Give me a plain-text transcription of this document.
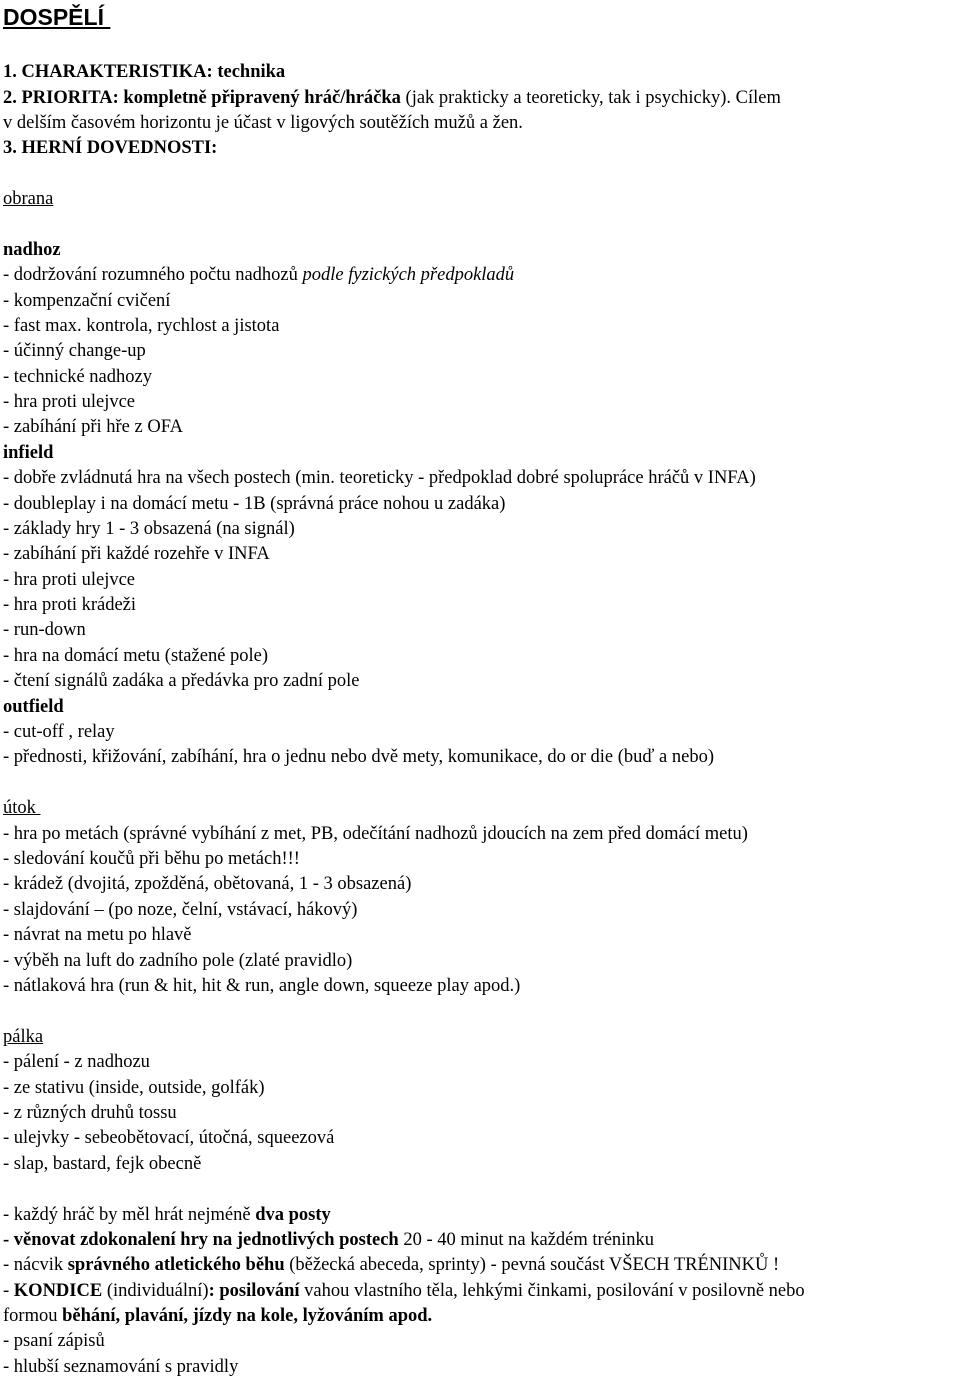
DOSPĚLÍ
1. CHARAKTERISTIKA: technika
2. PRIORITA: kompletně připravený hráč/hráčka (jak prakticky a teoreticky, tak i psychicky). Cílem
v delším časovém horizontu je účast v ligových soutěžích mužů a žen.
3. HERNÍ DOVEDNOSTI:
obrana
nadhoz
- dodržování rozumného počtu nadhozů podle fyzických předpokladů
- kompenzační cvičení
- fast max. kontrola, rychlost a jistota
- účinný change-up
- technické nadhozy
- hra proti ulejvce
- zabíhání při hře z OFA
infield
- dobře zvládnutá hra na všech postech (min. teoreticky - předpoklad dobré spolupráce hráčů v INFA)
- doubleplay i na domácí metu - 1B (správná práce nohou u zadáka)
- základy hry 1 - 3 obsazená (na signál)
- zabíhání při každé rozehře v INFA
- hra proti ulejvce
- hra proti krádeži
- run-down
- hra na domácí metu (stažené pole)
- čtení signálů zadáka a předávka pro zadní pole
outfield
- cut-off , relay
- přednosti, křižování, zabíhání, hra o jednu nebo dvě mety, komunikace, do or die (buď a nebo)
útok
- hra po metách (správné vybíhání z met, PB, odečítání nadhozů jdoucích na zem před domácí metu)
- sledování koučů při běhu po metách!!!
- krádež (dvojitá, zpožděná, obětovaná, 1 - 3 obsazená)
- slajdování – (po noze, čelní, vstávací, hákový)
- návrat na metu po hlavě
- výběh na luft do zadního pole (zlaté pravidlo)
- nátlaková hra (run & hit, hit & run, angle down, squeeze play apod.)
pálka
- pálení - z nadhozu
- ze stativu (inside, outside, golfák)
- z různých druhů tossu
- ulejvky - sebeobětovací, útočná, squeezová
- slap, bastard, fejk obecně
- každý hráč by měl hrát nejméně dva posty
- věnovat zdokonalení hry na jednotlivých postech 20 - 40 minut na každém tréninku
- nácvik správného atletického běhu (běžecká abeceda, sprinty) - pevná součást VŠECH TRÉNINKŮ !
- KONDICE (individuální): posilování vahou vlastního těla, lehkými činkami, posilování v posilovně nebo
formou běhání, plavání, jízdy na kole, lyžováním apod.
- psaní zápisů
- hlubší seznamování s pravidly
